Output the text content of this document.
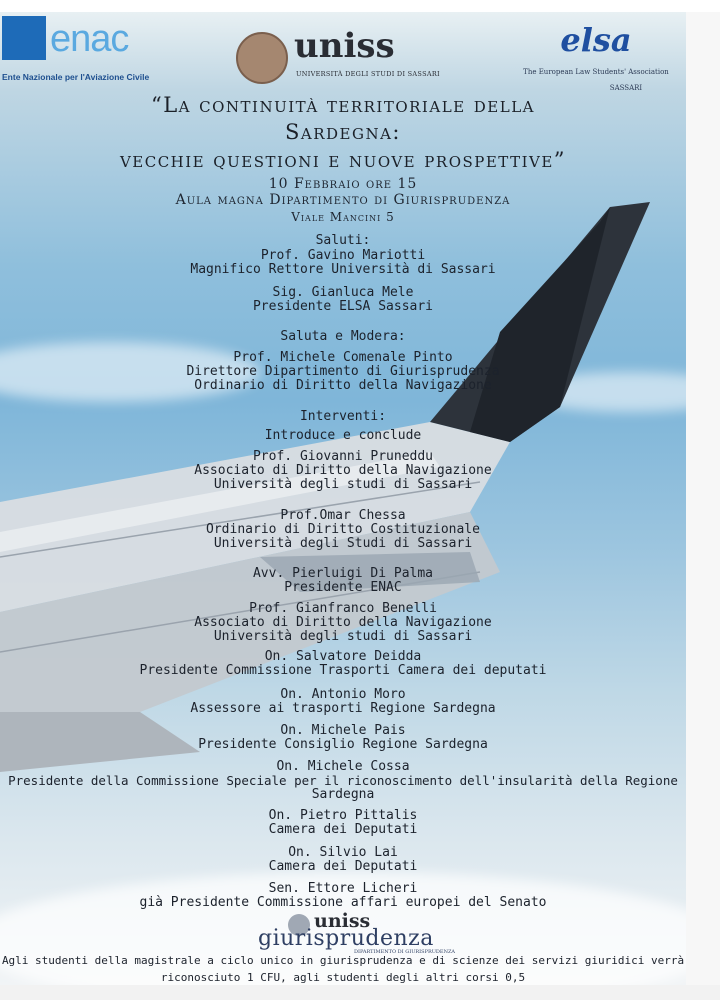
enac
Ente Nazionale per l'Aviazione Civile
uniss
UNIVERSITÀ DEGLI STUDI DI SASSARI
elsa
The European Law Students' Association
SASSARI
“La continuità territoriale della
Sardegna:
vecchie questioni e nuove prospettive”
10 Febbraio ore 15
Aula magna Dipartimento di Giurisprudenza
Viale Mancini 5
Saluti:
Prof. Gavino Mariotti
Magnifico Rettore Università di Sassari
Sig. Gianluca Mele
Presidente ELSA Sassari
Saluta e Modera:
Prof. Michele Comenale Pinto
Direttore Dipartimento di Giurisprudenza
Ordinario di Diritto della Navigazione
Interventi:
Introduce e conclude
Prof. Giovanni Pruneddu
Associato di Diritto della Navigazione
Università degli studi di Sassari
Prof.Omar Chessa
Ordinario di Diritto Costituzionale
Università degli Studi di Sassari
Avv. Pierluigi Di Palma
Presidente ENAC
Prof. Gianfranco Benelli
Associato di Diritto della Navigazione
Università degli studi di Sassari
On. Salvatore Deidda
Presidente Commissione Trasporti Camera dei deputati
On. Antonio Moro
Assessore ai trasporti Regione Sardegna
On. Michele Pais
Presidente Consiglio Regione Sardegna
On. Michele Cossa
Presidente della Commissione Speciale per il riconoscimento dell'insularità della Regione
Sardegna
On. Pietro Pittalis
Camera dei Deputati
On. Silvio Lai
Camera dei Deputati
Sen. Ettore Licheri
già Presidente Commissione affari europei del Senato
uniss
giurisprudenza
DIPARTIMENTO DI GIURISPRUDENZA
Agli studenti della magistrale a ciclo unico in giurisprudenza e di scienze dei servizi giuridici verrà
riconosciuto 1 CFU, agli studenti degli altri corsi 0,5
